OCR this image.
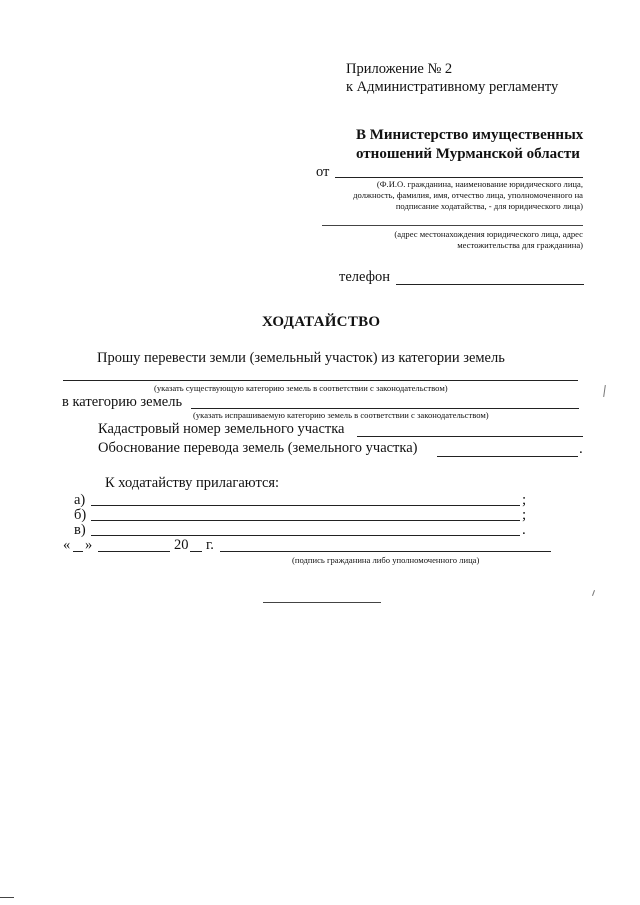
Приложение № 2
к Административному регламенту
В Министерство имущественных
отношений Мурманской области
от
(Ф.И.О. гражданина, наименование юридического лица,
должность, фамилия, имя, отчество лица, уполномоченного на
подписание ходатайства, - для юридического лица)
(адрес местонахождения юридического лица, адрес
местожительства для гражданина)
телефон
ХОДАТАЙСТВО
Прошу перевести земли (земельный участок) из категории земель
(указать существующую категорию земель в соответствии с законодательством)
в категорию земель
(указать испрашиваемую категорию земель в соответствии с законодательством)
Кадастровый номер земельного участка
Обоснование перевода земель (земельного участка)	.
К ходатайству прилагаются:
а)	;
б)	;
в)	.
« »	20 г.
(подпись гражданина либо уполномоченного лица)
